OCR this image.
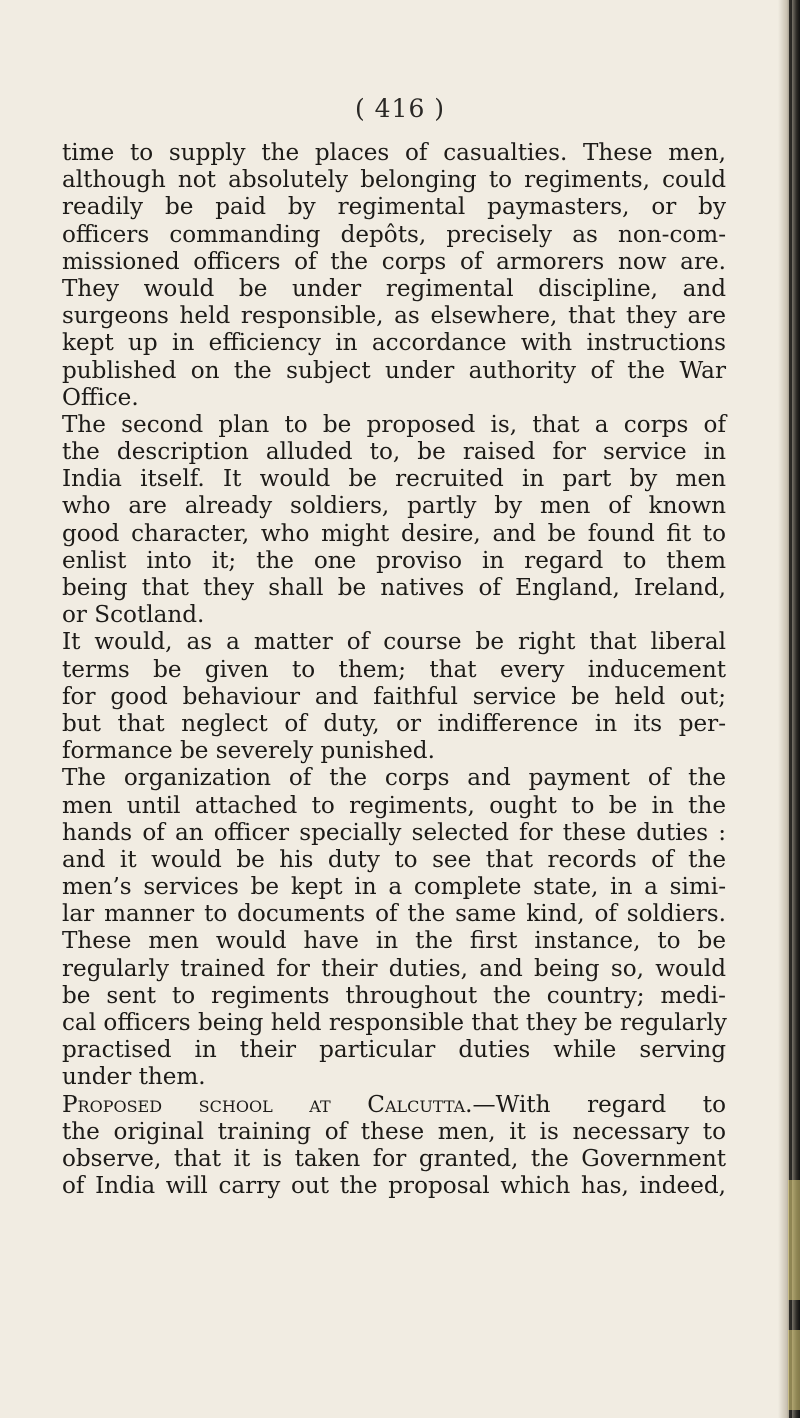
( 416 )
time to supply the places of casualties. These men,
although not absolutely belonging to regiments, could
readily be paid by regimental paymasters, or by
officers commanding depôts, precisely as non-com-
missioned officers of the corps of armorers now are.
They would be under regimental discipline, and
surgeons held responsible, as elsewhere, that they are
kept up in efficiency in accordance with instructions
published on the subject under authority of the War
Office.
The second plan to be proposed is, that a corps of
the description alluded to, be raised for service in
India itself. It would be recruited in part by men
who are already soldiers, partly by men of known
good character, who might desire, and be found fit to
enlist into it; the one proviso in regard to them
being that they shall be natives of England, Ireland,
or Scotland.
It would, as a matter of course be right that liberal
terms be given to them; that every inducement
for good behaviour and faithful service be held out;
but that neglect of duty, or indifference in its per-
formance be severely punished.
The organization of the corps and payment of the
men until attached to regiments, ought to be in the
hands of an officer specially selected for these duties :
and it would be his duty to see that records of the
men’s services be kept in a complete state, in a simi-
lar manner to documents of the same kind, of soldiers.
These men would have in the first instance, to be
regularly trained for their duties, and being so, would
be sent to regiments throughout the country; medi-
cal officers being held responsible that they be regularly
practised in their particular duties while serving
under them.
Proposed school at Calcutta.—With regard to
the original training of these men, it is necessary to
observe, that it is taken for granted, the Government
of India will carry out the proposal which has, indeed,
